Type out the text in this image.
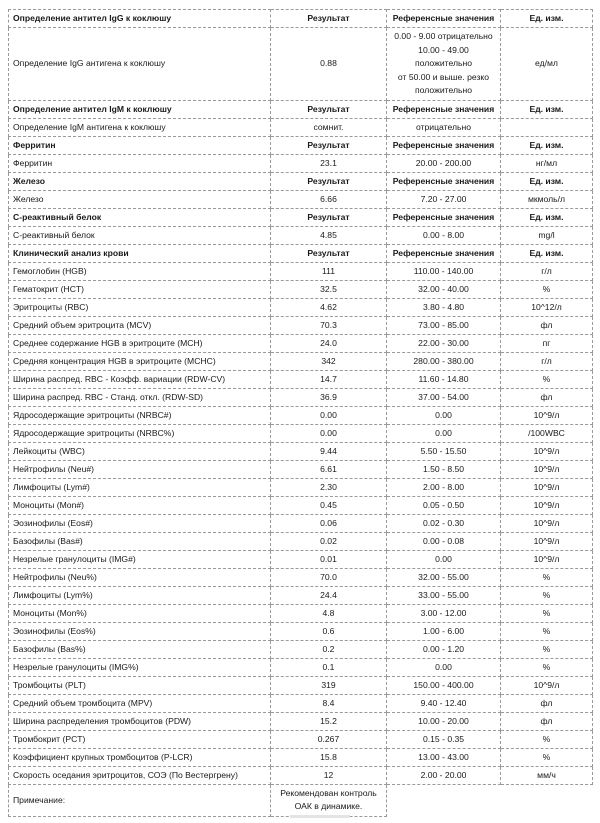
Определение антител IgG к коклюшу	Результат	Референсные значения	Ед. изм.
Определение IgG антигена к коклюшу	0.88	0.00 - 9.00 отрицательно
10.00 - 49.00
положительно
от 50.00 и выше. резко
положительно	ед/мл
Определение антител IgM к коклюшу	Результат	Референсные значения	Ед. изм.
Определение IgM антигена к коклюшу	сомнит.	отрицательно	
Ферритин	Результат	Референсные значения	Ед. изм.
Ферритин	23.1	20.00 - 200.00	нг/мл
Железо	Результат	Референсные значения	Ед. изм.
Железо	6.66	7.20 - 27.00	мкмоль/л
С-реактивный белок	Результат	Референсные значения	Ед. изм.
С-реактивный белок	4.85	0.00 - 8.00	mg/l
Клинический анализ крови	Результат	Референсные значения	Ед. изм.
Гемоглобин (HGB)	111	110.00 - 140.00	г/л
Гематокрит (HCT)	32.5	32.00 - 40.00	%
Эритроциты (RBC)	4.62	3.80 - 4.80	10^12/л
Средний объем эритроцита (MCV)	70.3	73.00 - 85.00	фл
Среднее содержание HGB в эритроците (MCH)	24.0	22.00 - 30.00	пг
Средняя концентрация HGB в эритроците (MCHC)	342	280.00 - 380.00	г/л
Ширина распред. RBC - Коэфф. вариации (RDW-CV)	14.7	11.60 - 14.80	%
Ширина распред. RBC - Станд. откл. (RDW-SD)	36.9	37.00 - 54.00	фл
Ядросодержащие эритроциты (NRBC#)	0.00	0.00	10^9/л
Ядросодержащие эритроциты (NRBC%)	0.00	0.00	/100WBC
Лейкоциты (WBC)	9.44	5.50 - 15.50	10^9/л
Нейтрофилы (Neu#)	6.61	1.50 - 8.50	10^9/л
Лимфоциты (Lym#)	2.30	2.00 - 8.00	10^9/л
Моноциты (Mon#)	0.45	0.05 - 0.50	10^9/л
Эозинофилы (Eos#)	0.06	0.02 - 0.30	10^9/л
Базофилы (Bas#)	0.02	0.00 - 0.08	10^9/л
Незрелые гранулоциты (IMG#)	0.01	0.00	10^9/л
Нейтрофилы (Neu%)	70.0	32.00 - 55.00	%
Лимфоциты (Lym%)	24.4	33.00 - 55.00	%
Моноциты (Mon%)	4.8	3.00 - 12.00	%
Эозинофилы (Eos%)	0.6	1.00 - 6.00	%
Базофилы (Bas%)	0.2	0.00 - 1.20	%
Незрелые гранулоциты (IMG%)	0.1	0.00	%
Тромбоциты (PLT)	319	150.00 - 400.00	10^9/л
Средний объем тромбоцита (MPV)	8.4	9.40 - 12.40	фл
Ширина распределения тромбоцитов (PDW)	15.2	10.00 - 20.00	фл
Тромбокрит (PCT)	0.267	0.15 - 0.35	%
Коэффициент крупных тромбоцитов (P-LCR)	15.8	13.00 - 43.00	%
Скорость оседания эритроцитов, СОЭ (По Вестергрену)	12	2.00 - 20.00	мм/ч
Примечание:	Рекомендован контроль
ОАК в динамике.		
